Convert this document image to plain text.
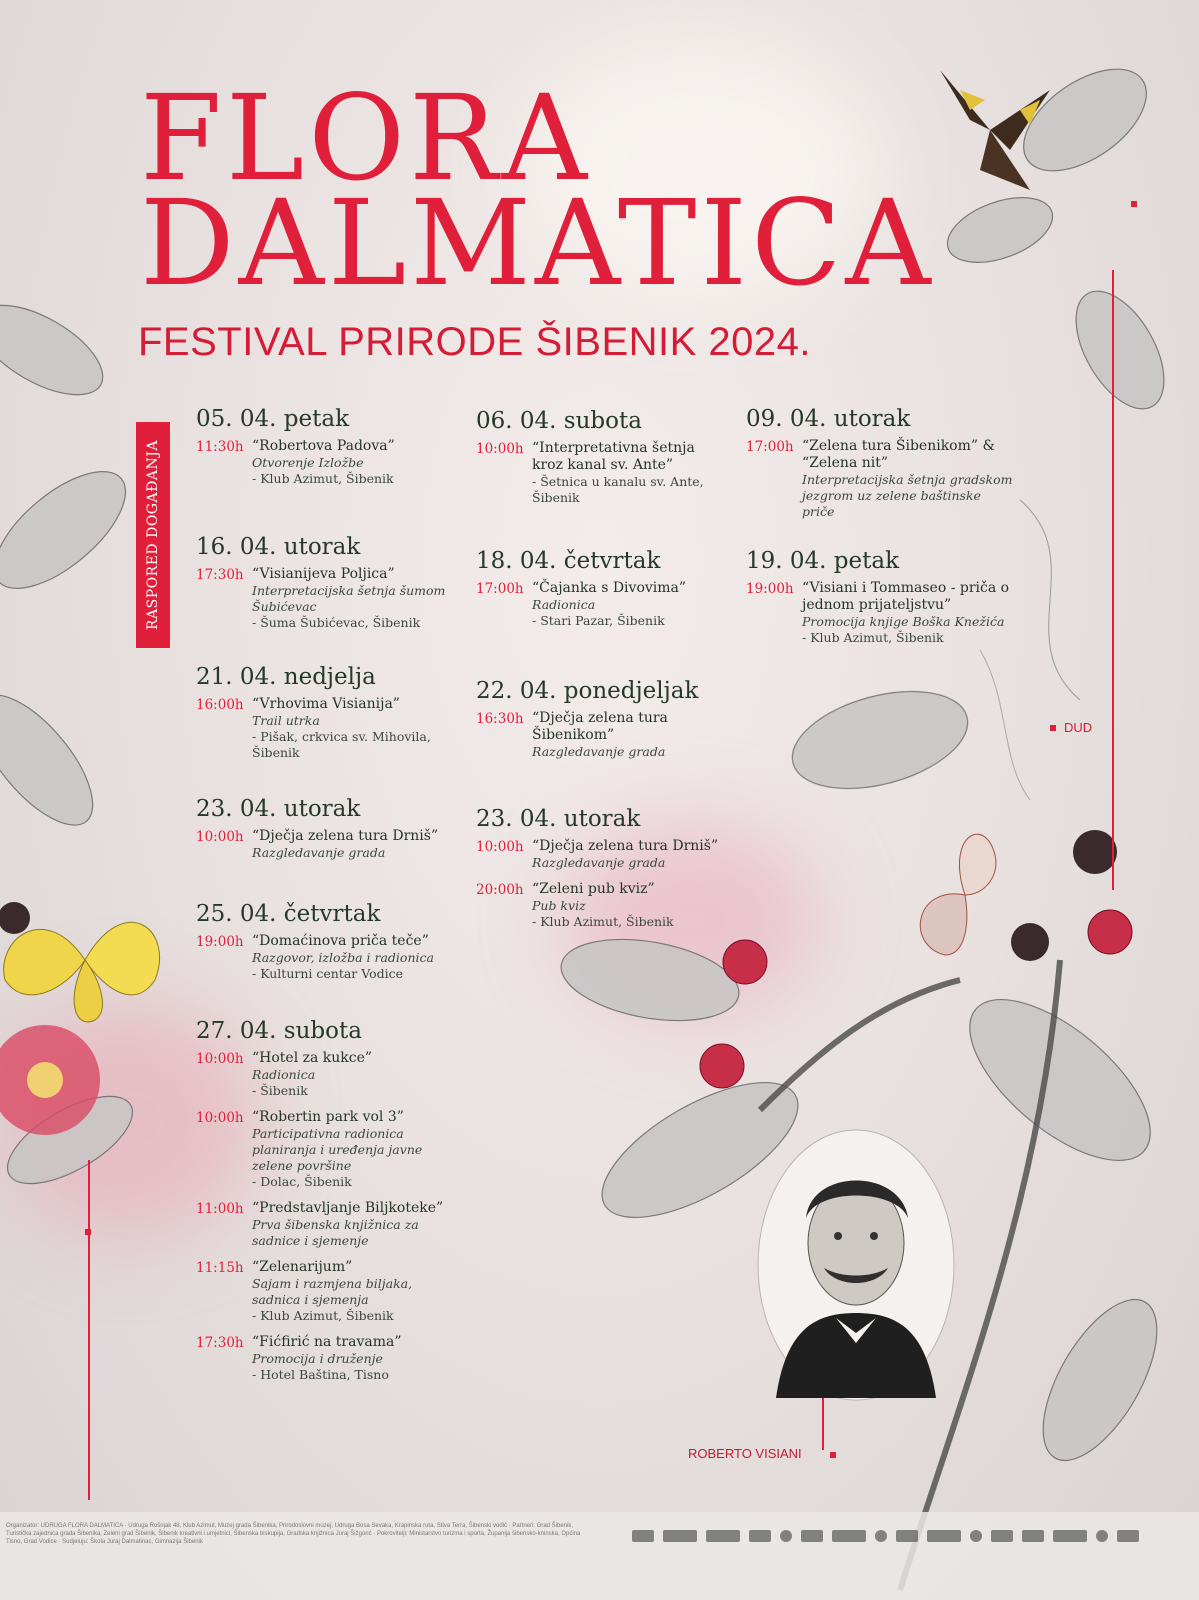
FLORA
DALMATICA
FESTIVAL PRIRODE ŠIBENIK 2024.
RASPORED DOGAĐANJA
DUD
05. 04. petak
11:30h “Robertova Padova”
Otvorenje Izložbe
- Klub Azimut, Šibenik
16. 04. utorak
17:30h “Visianijeva Poljica”
Interpretacijska šetnja šumom Šubićevac
- Šuma Šubićevac, Šibenik
21. 04. nedjelja
16:00h “Vrhovima Visianija”
Trail utrka
- Pišak, crkvica sv. Mihovila, Šibenik
23. 04. utorak
10:00h “Dječja zelena tura Drniš”
Razgledavanje grada
25. 04. četvrtak
19:00h “Domaćinova priča teče”
Razgovor, izložba i radionica
- Kulturni centar Vodice
27. 04. subota
10:00h “Hotel za kukce”
Radionica
- Šibenik
10:00h “Robertin park vol 3”
Participativna radionica planiranja i uređenja javne zelene površine
- Dolac, Šibenik
11:00h “Predstavljanje Biljkoteke”
Prva šibenska knjižnica za sadnice i sjemenje
11:15h “Zelenarijum”
Sajam i razmjena biljaka, sadnica i sjemenja
- Klub Azimut, Šibenik
17:30h “Fićfirić na travama”
Promocija i druženje
- Hotel Baština, Tisno
06. 04. subota
10:00h “Interpretativna šetnja kroz kanal sv. Ante”
- Šetnica u kanalu sv. Ante, Šibenik
18. 04. četvrtak
17:00h “Čajanka s Divovima”
Radionica
- Stari Pazar, Šibenik
22. 04. ponedjeljak
16:30h “Dječja zelena tura Šibenikom”
Razgledavanje grada
23. 04. utorak
10:00h “Dječja zelena tura Drniš”
Razgledavanje grada
20:00h “Zeleni pub kviz”
Pub kviz
- Klub Azimut, Šibenik
09. 04. utorak
17:00h “Zelena tura Šibenikom” & “Zelena nit”
Interpretacijska šetnja gradskom jezgrom uz zelene baštinske priče
19. 04. petak
19:00h “Visiani i Tommaseo - priča o jednom prijateljstvu”
Promocija knjige Boška Knežića
- Klub Azimut, Šibenik
ROBERTO VISIANI
Organizator: UDRUGA FLORA DALMATICA · Udruga Rošnjak 48, Klub Azimut, Muzej grada Šibenika, Prirodoslovni muzej, Udruga Bosa Sevaka, Krapinska ruta, Stiva Terra, Šibenski vodič · Partneri: Grad Šibenik, Turistička zajednica grada Šibenika, Zeleni grad Šibenik, Šibenik kreativni i umjetnici, Šibenska biskupija, Gradska knjižnica Juraj Šižgorić · Pokrovitelji: Ministarstvo turizma i sporta, Županija šibensko-kninska, Općina Tisno, Grad Vodice · Sudjeluju: Škola Juraj Dalmatinac, Gimnazija Šibenik
